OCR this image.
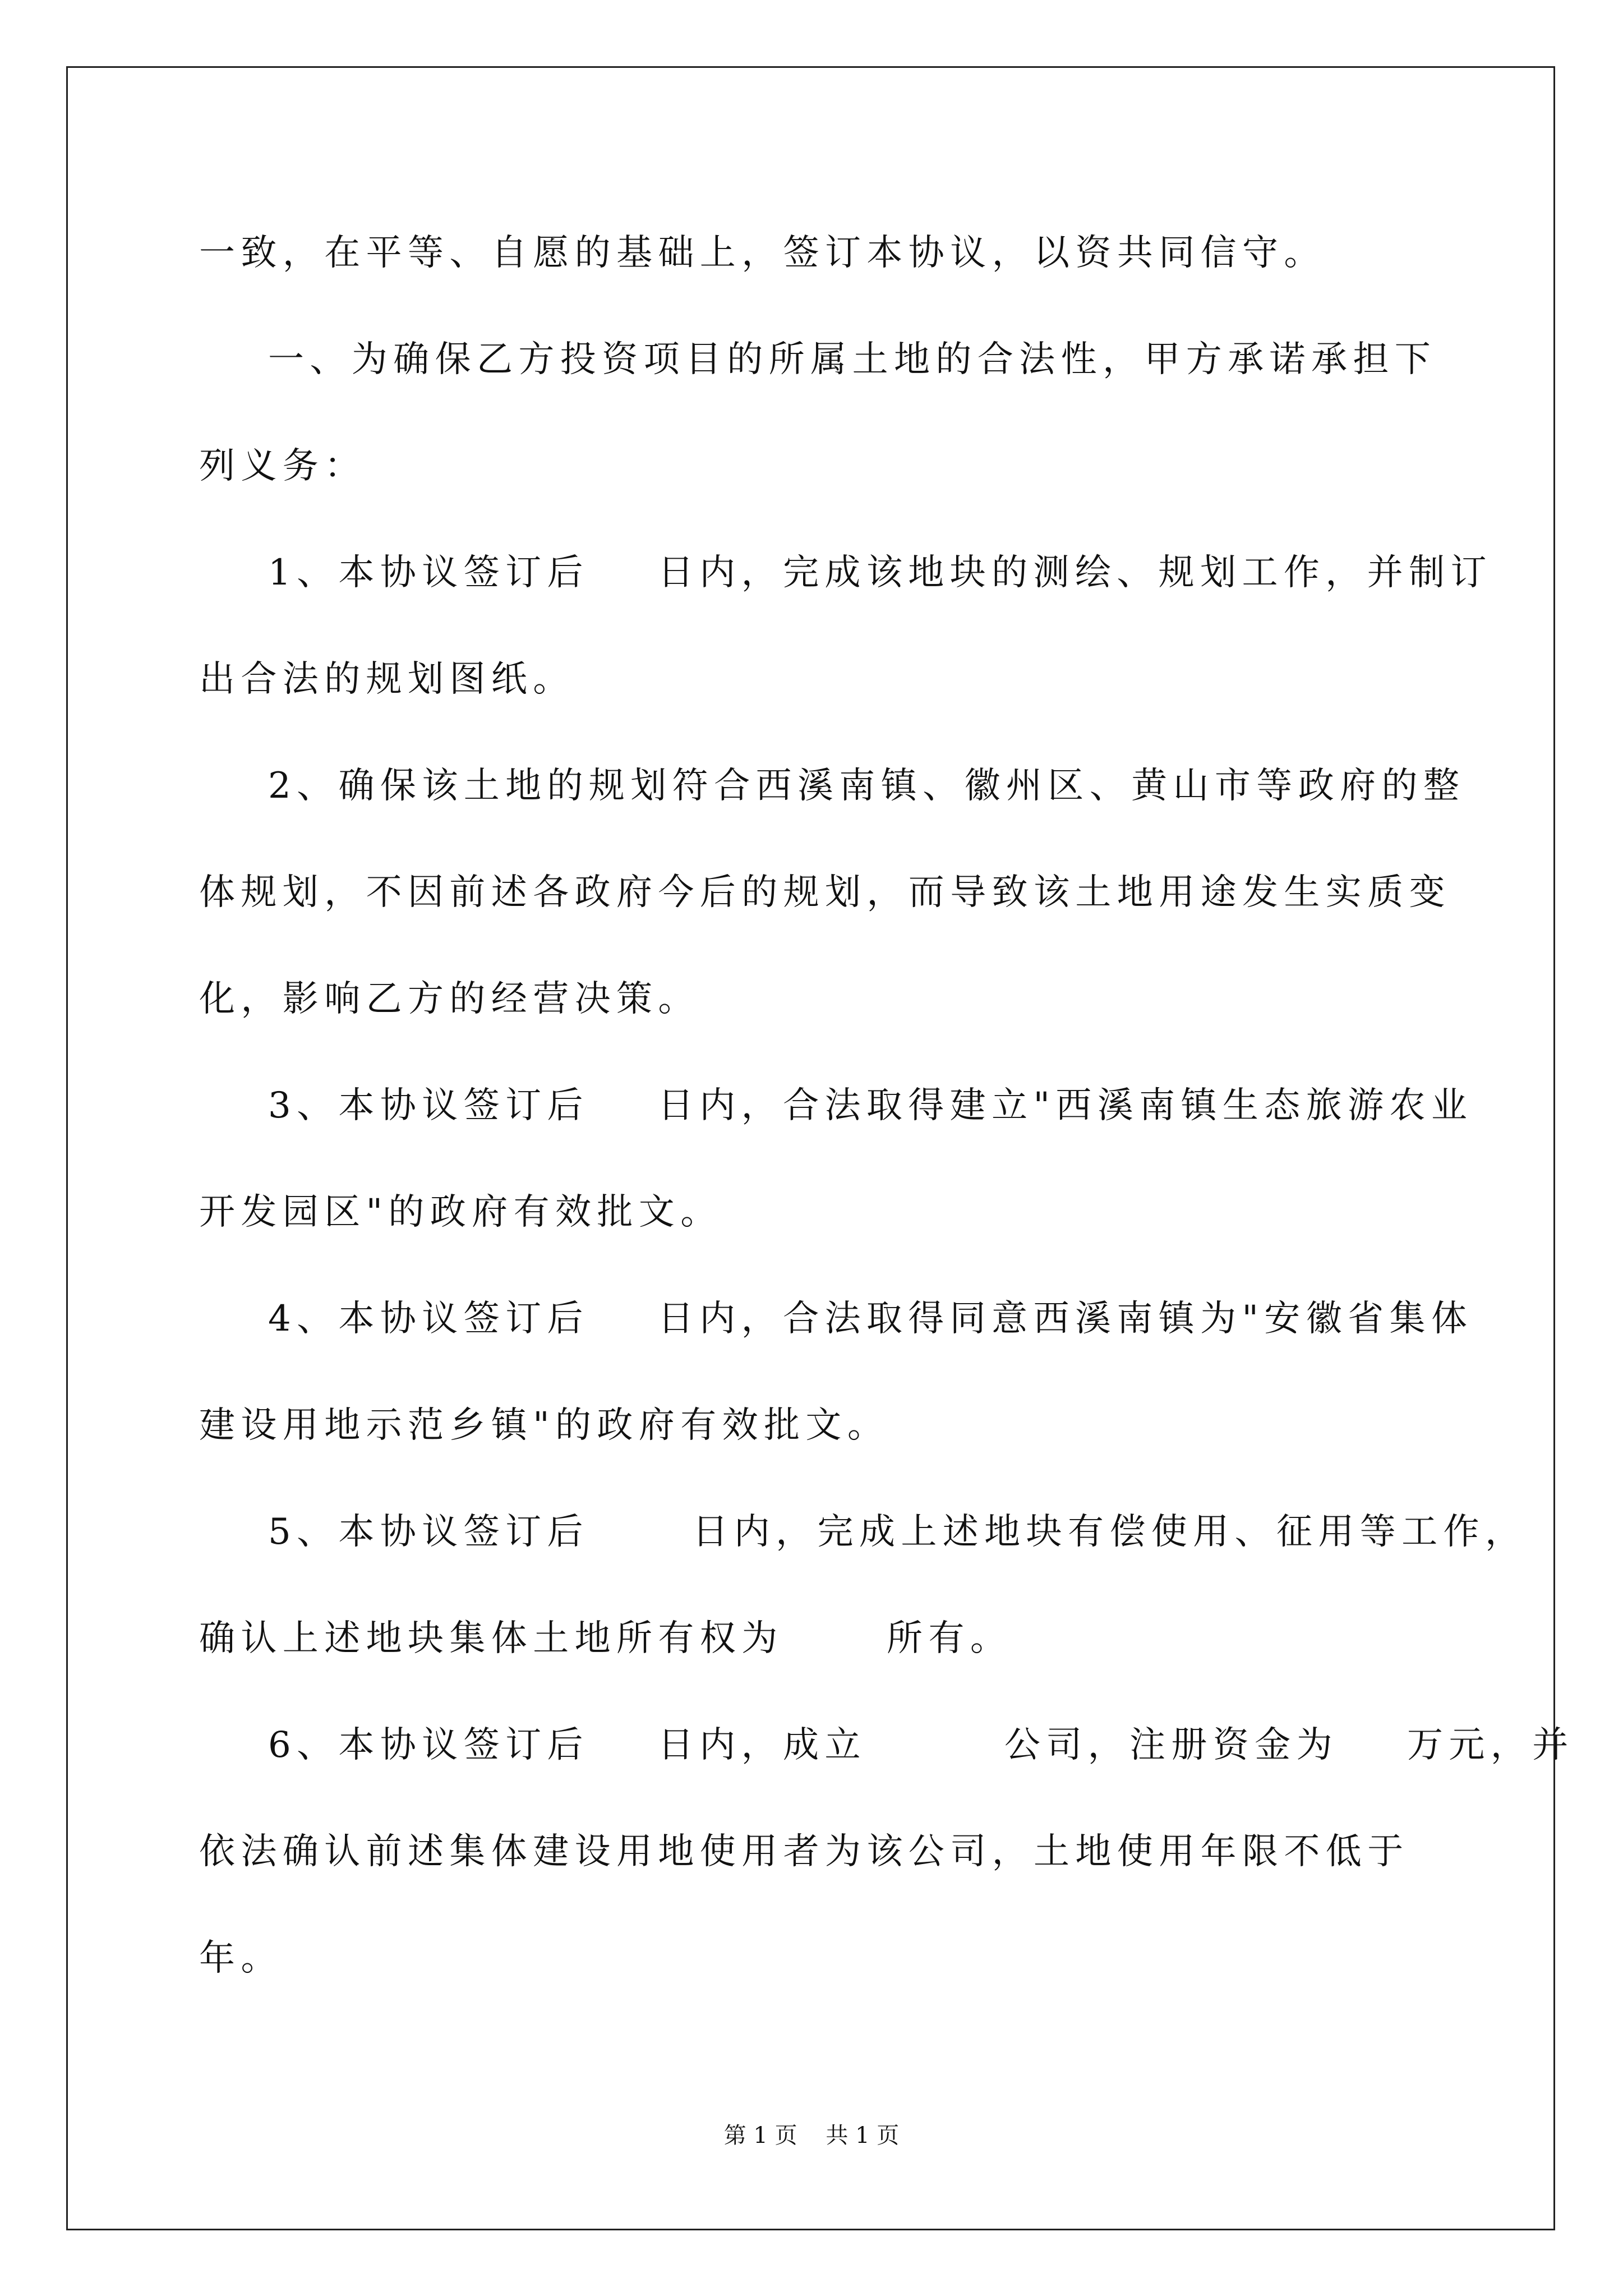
一致，在平等、自愿的基础上，签订本协议，以资共同信守。
一、为确保乙方投资项目的所属土地的合法性，甲方承诺承担下
列义务：
1、本协议签订后    日内，完成该地块的测绘、规划工作，并制订
出合法的规划图纸。
2、确保该土地的规划符合西溪南镇、徽州区、黄山市等政府的整
体规划，不因前述各政府今后的规划，而导致该土地用途发生实质变
化，影响乙方的经营决策。
3、本协议签订后    日内，合法取得建立"西溪南镇生态旅游农业
开发园区"的政府有效批文。
4、本协议签订后    日内，合法取得同意西溪南镇为"安徽省集体
建设用地示范乡镇"的政府有效批文。
5、本协议签订后      日内，完成上述地块有偿使用、征用等工作，
确认上述地块集体土地所有权为      所有。
6、本协议签订后    日内，成立        公司，注册资金为    万元，并
依法确认前述集体建设用地使用者为该公司，土地使用年限不低于
年。
第 1 页    共 1 页
